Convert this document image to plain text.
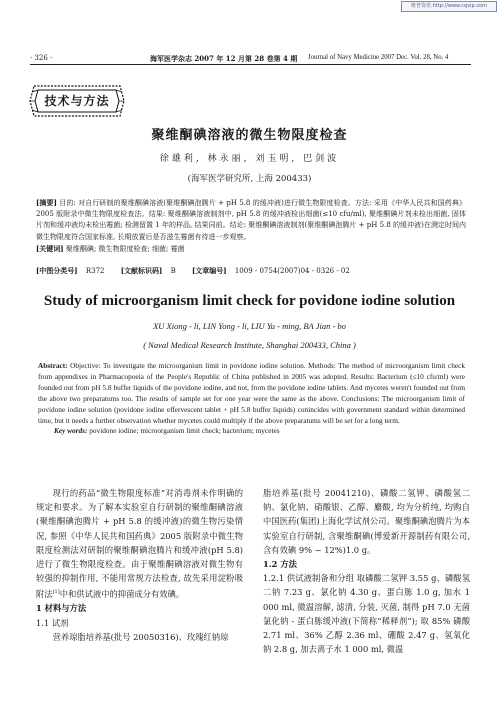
维普资讯 http://www.cqvip.com
· 326 ·	海军医学杂志 2007 年 12 月第 28 卷第 4 期 Journal of Navy Medicine 2007 Dec. Vol. 28, No. 4
技术与方法
聚维酮碘溶液的微生物限度检查
徐雄利, 林永丽, 刘玉明, 巴剑波
(海军医学研究所, 上海 200433)
[摘要] 目的: 对自行研制的聚维酮碘溶液(聚维酮碘泡腾片 + pH 5.8 的缓冲液)进行微生物限度检查。方法: 采用《中华人民共和国药典》2005 版附录中微生物限度检查法。结果: 聚维酮碘溶液制剂中, pH 5.8 的缓冲液检出细菌(≤10 cfu/ml), 聚维酮碘片剂未检出细菌, 固体片剂和缓冲液均未检出霉菌; 检测留置 1 年的样品, 结果同前。结论: 聚维酮碘溶液制剂(聚维酮碘泡腾片 + pH 5.8 的缓冲液)在测定时间内微生物限度符合国家标准, 长期放置后是否滋生霉菌有待进一步观察。
[关键词] 聚维酮碘; 微生物限度检查; 细菌; 霉菌
[中图分类号] R372 [文献标识码] B [文章编号] 1009 - 0754(2007)04 - 0326 - 02
Study of microorganism limit check for povidone iodine solution
XU Xiong - li, LIN Yong - li, LIU Yu - ming, BA Jian - bo
( Naval Medical Research Institute, Shanghai 200433, China )
Abstract: Objective: To investigate the microorganism limit in povidone iodine solution. Methods: The method of microorganism limit check from appendixes in Pharmacopoeia of the People's Republic of China published in 2005 was adopted. Results: Bacterium (≤10 cfu/ml) were founded out from pH 5.8 buffer liquids of the povidone iodine, and not, from the povidone iodine tablets. And mycetes weren't founded out from the above two preparatums too. The results of sample set for one year were the same as the above. Conclusions: The microorganism limit of povidone iodine solution (povidone iodine effervescent tablet + pH 5.8 buffer liquids) conincides with government standard within determined time, but it needs a further observation whether mycetes could multiply if the above preparatums will be set for a long term.
Key words: povidone iodine; microorganism limit check; bacterium; mycetes

现行的药品“微生物限度标准”对消毒剂未作明确的规定和要求。为了解本实验室自行研制的聚维酮碘溶液(聚维酮碘泡腾片 + pH 5.8 的缓冲液)的微生物污染情况, 参照《中华人民共和国药典》2005 版附录中微生物限度检测法对研制的聚维酮碘泡腾片和缓冲液(pH 5.8)进行了微生物限度检查。由于聚维酮碘溶液对微生物有较强的抑制作用, 不能用常规方法检查, 故先采用淀粉吸附法[1]中和供试液中的抑菌成分有效碘。

1 材料与方法

1.1 试剂

营养琼脂培养基(批号 20050316)、玫瑰红钠琼

脂培养基(批号 20041210)、磷酸二氢钾、磷酸氢二钠、氯化钠、硝酸银、乙醇、麝酸, 均为分析纯, 均购自中国医药(集团)上海化学试剂公司。聚维酮碘泡腾片为本实验室自行研制, 含聚维酮碘(博爱新开源制药有限公司, 含有效碘 9% ~ 12%)1.0 g。

1.2 方法

1.2.1 供试液制备和分组 取磷酸二氢钾 3.55 g、磷酸氢二钠 7.23 g、氯化钠 4.30 g、蛋白胨 1.0 g, 加水 1 000 ml, 微温溶解, 滤清, 分装, 灭菌, 制得 pH 7.0 无菌氯化钠 - 蛋白胨缓冲液(下简称“稀释剂”); 取 85% 磷酸 2.71 ml、36% 乙醇 2.36 ml、硼酸 2.47 g、氢氧化钠 2.8 g, 加去离子水 1 000 ml, 微温
